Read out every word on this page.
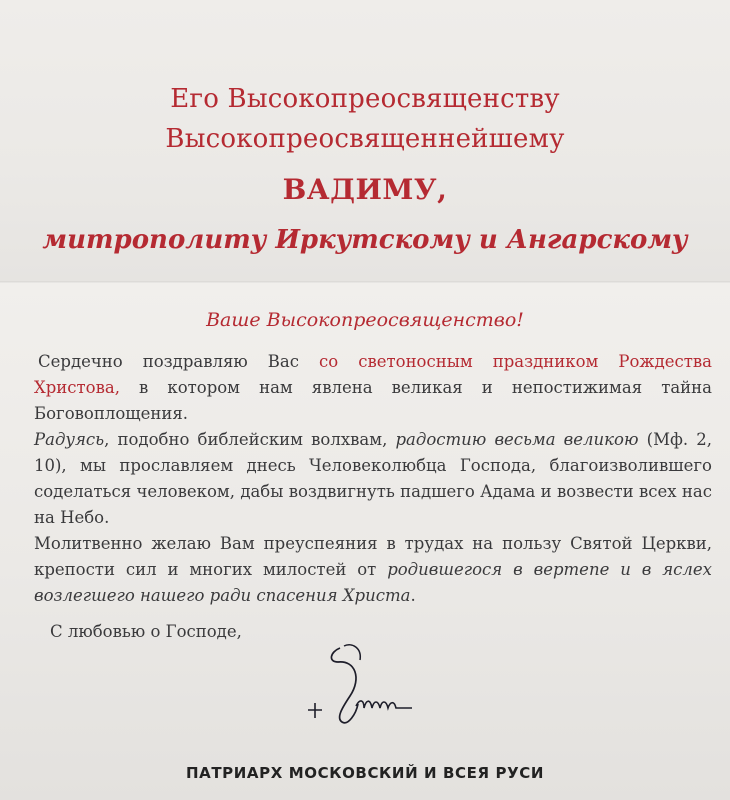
Его Высокопреосвященству
Высокопреосвященнейшему
ВАДИМУ,
митрополиту Иркутскому и Ангарскому
Ваше Высокопреосвященство!
Сердечно поздравляю Вас со светоносным праздником Рождества Христова, в котором нам явлена великая и непостижимая тайна Боговоплощения.
Радуясь, подобно библейским волхвам, радостию весьма великою (Мф. 2, 10), мы прославляем днесь Человеколюбца Господа, благоизволившего соделаться человеком, дабы воздвигнуть падшего Адама и возвести всех нас на Небо.
Молитвенно желаю Вам преуспеяния в трудах на пользу Святой Церкви, крепости сил и многих милостей от родившегося в вертепе и в яслех возлегшего нашего ради спасения Христа.
С любовью о Господе,
ПАТРИАРХ МОСКОВСКИЙ И ВСЕЯ РУСИ
